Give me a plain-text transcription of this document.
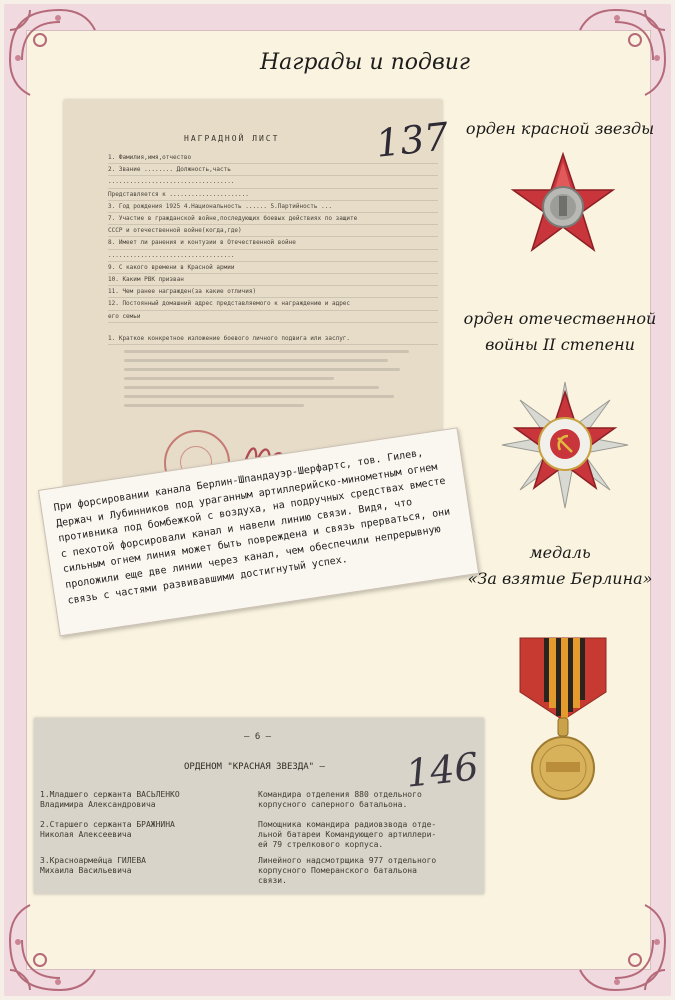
Награды и подвиг
НАГРАДНОЙ ЛИСТ 137
1. Фамилия,имя,отчество
2. Звание ........ Должность,часть
...................................
Представляется к ......................
3. Год рождения 1925 4.Национальность ...... 5.Партийность ...
7. Участие в гражданской войне,последующих боевых действиях по защите
СССР и отечественной войне(когда,где)
8. Имеет ли ранения и контузии в Отечественной войне
...................................
9. С какого времени в Красной армии
10. Каким РВК призван
11. Чем ранее награжден(за какие отличия)
12. Постоянный домашний адрес представляемого к награждению и адрес
его семьи
1. Краткое конкретное изложение боевого личного подвига или заслуг.

При форсировании канала Берлин-Шпандауэр-Шерфартс, тов. Гилев, Держач и Лубинников под ураганным артиллерийско-минометным огнем противника под бомбежкой с воздуха, на подручных средствах вместе с пехотой форсировали канал и навели линию связи. Видя, что сильным огнем линия может быть повреждена и связь прерваться, они проложили еще две линии через канал, чем обеспечили непрерывную связь с частями развивавшими достигнутый успех.

– 6 –
ОРДЕНОМ "КРАСНАЯ ЗВЕЗДА" – 146
1.Младшего сержанта ВАСЬЛЕНКО
Владимира Александровича
Командира отделения 880 отдельного
корпусного саперного батальона.
2.Старшего сержанта БРАЖНИНА
Николая Алексеевича
Помощника командира радиовзвода отде-
льной батареи Командующего артиллери-
ей 79 стрелкового корпуса.
3.Красноармейца ГИЛЕВА
Михаила Васильевича
Линейного надсмотрщика 977 отдельного
корпусного Померанского батальона
связи.
орден красной звезды
орден отечественной
войны II степени
медаль
«За взятие Берлина»
